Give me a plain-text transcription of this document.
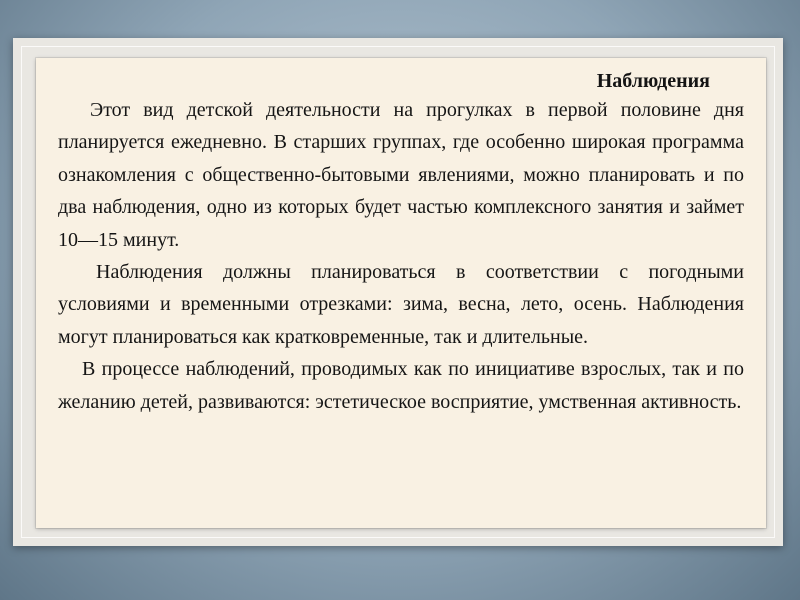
Наблюдения

Этот вид детской деятельности на прогулках в первой половине дня планируется ежедневно. В старших группах, где особенно широкая программа ознакомления с общественно-бытовыми явлениями, можно планировать и по два наблюдения, одно из которых будет частью комплексного занятия и займет 10—15 минут.

Наблюдения должны планироваться в соответствии с погодными условиями и временными отрезками: зима, весна, лето, осень. Наблюдения могут планироваться как кратковременные, так и длительные.

В процессе наблюдений, проводимых как по инициативе взрослых, так и по желанию детей, развиваются: эстетическое восприятие, умственная активность.
